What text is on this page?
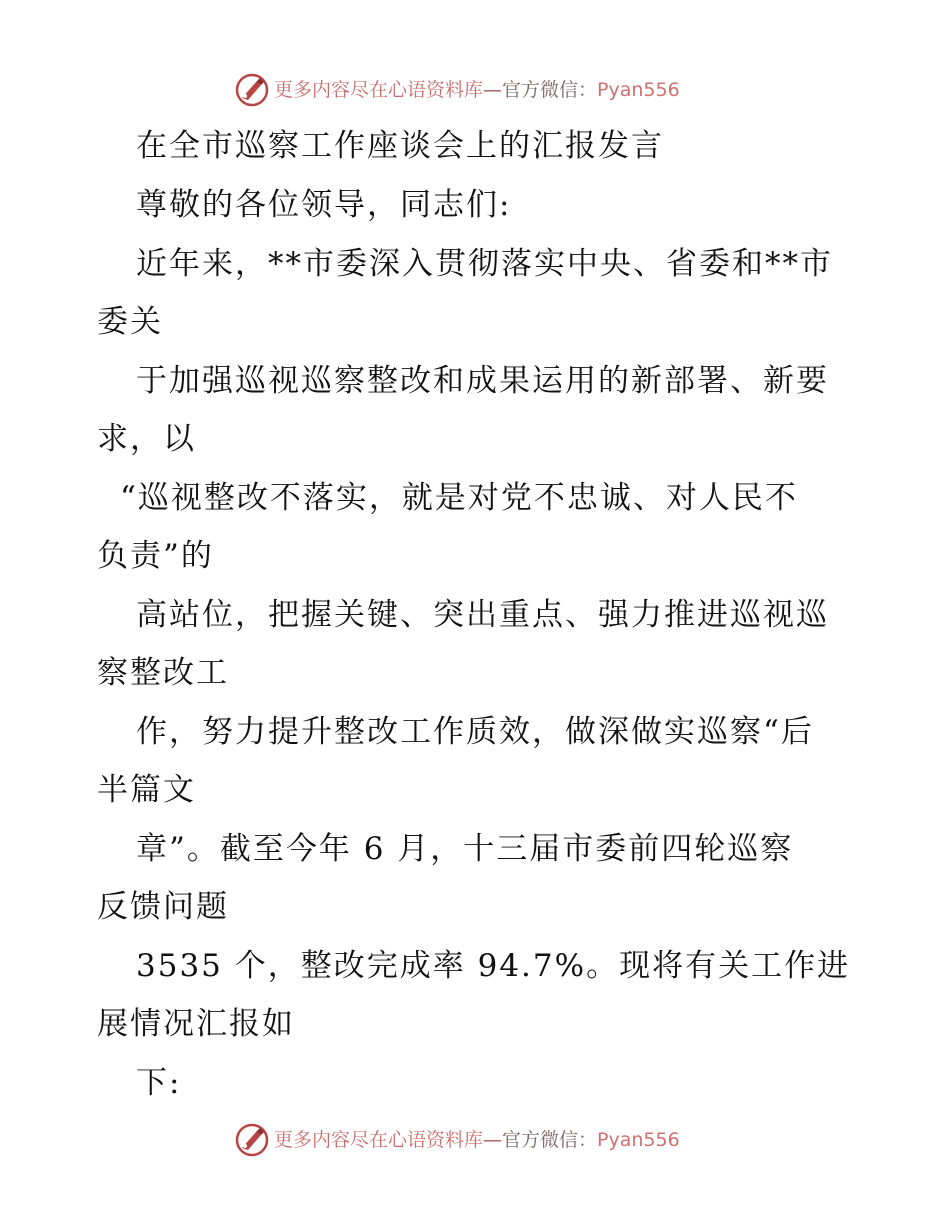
更多内容尽在心语资料库—官方微信：Pyan556
在全市巡察工作座谈会上的汇报发言
尊敬的各位领导，同志们:
近年来，**市委深入贯彻落实中央、省委和**市
委关
于加强巡视巡察整改和成果运用的新部署、新要
求，以
“巡视整改不落实，就是对党不忠诚、对人民不
负责”的
高站位，把握关键、突出重点、强力推进巡视巡
察整改工
作，努力提升整改工作质效，做深做实巡察“后
半篇文
章”。截至今年 6 月，十三届市委前四轮巡察
反馈问题
3535 个，整改完成率 94.7%。现将有关工作进
展情况汇报如
下:
更多内容尽在心语资料库—官方微信：Pyan556
